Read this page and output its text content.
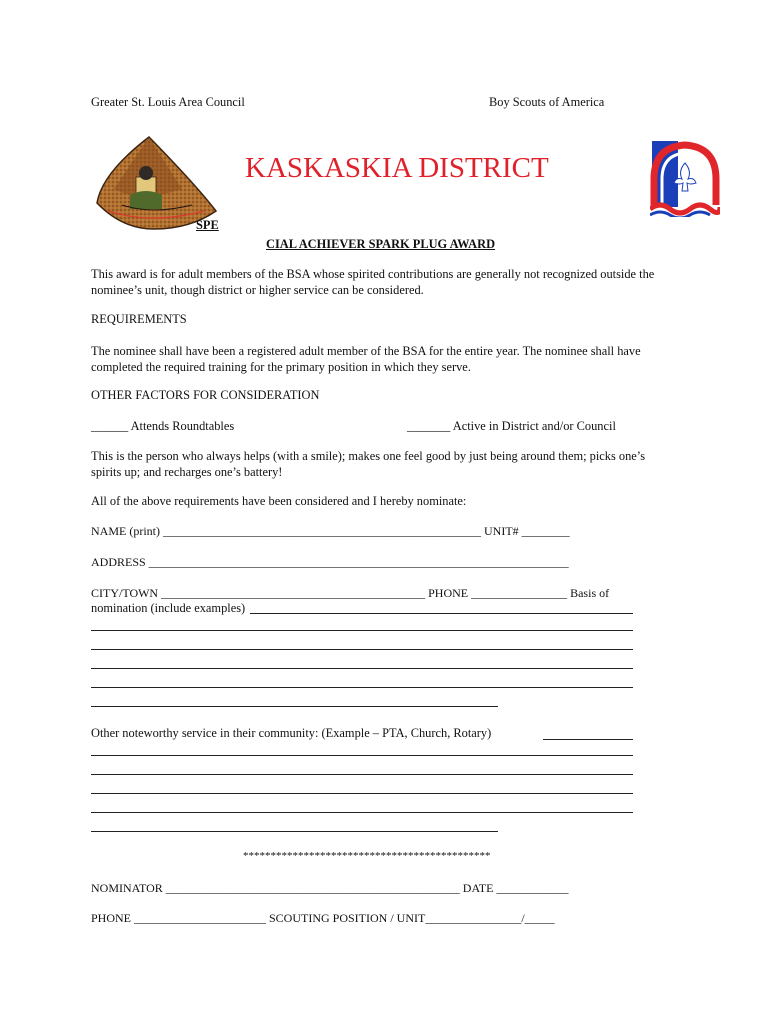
Greater St. Louis Area Council	Boy Scouts of America
KASKASKIA DISTRICT
SPE
CIAL ACHIEVER SPARK PLUG AWARD
This award is for adult members of the BSA whose spirited contributions are generally not recognized outside the nominee’s unit, though district or higher service can be considered.
REQUIREMENTS
The nominee shall have been a registered adult member of the BSA for the entire year. The nominee shall have completed the required training for the primary position in which they serve.
OTHER FACTORS FOR CONSIDERATION
______ Attends Roundtables	_______ Active in District and/or Council
This is the person who always helps (with a smile); makes one feel good by just being around them; picks one’s spirits up; and recharges one’s battery!
All of the above requirements have been considered and I hereby nominate:
NAME (print) _____________________________________________________ UNIT# ________
ADDRESS ______________________________________________________________________
CITY/TOWN ____________________________________________ PHONE ________________ Basis of
nomination (include examples)
Other noteworthy service in their community: (Example – PTA, Church, Rotary)
*********************************************
NOMINATOR _________________________________________________ DATE ____________
PHONE ______________________ SCOUTING POSITION / UNIT________________/_____
